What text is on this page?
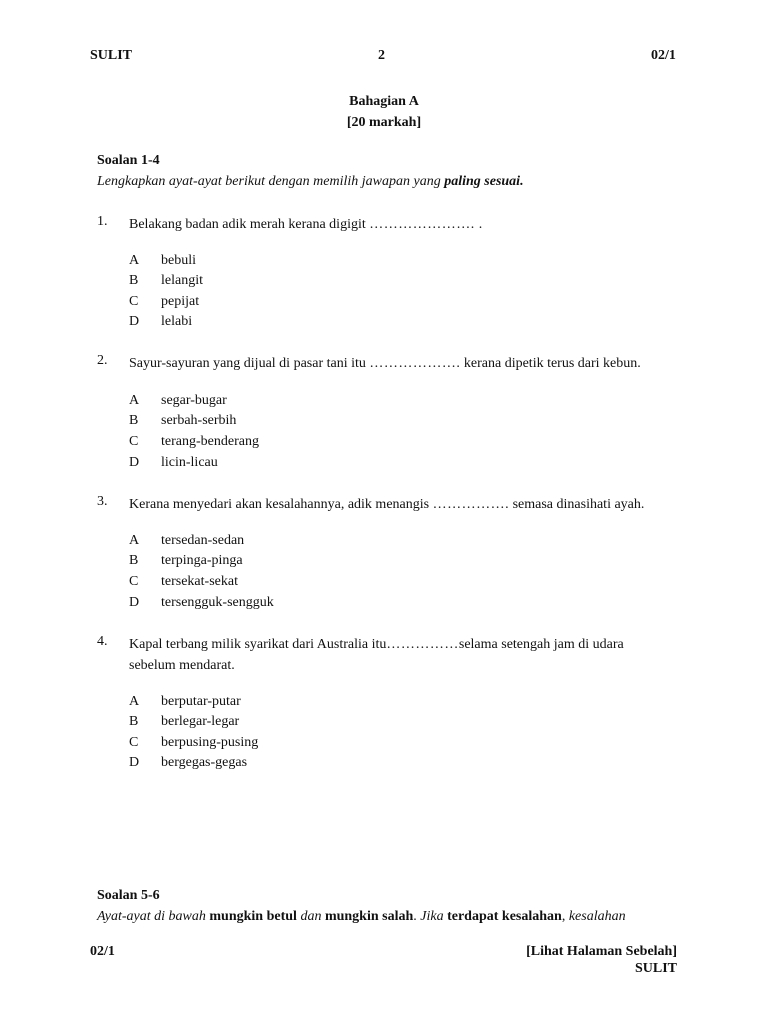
SULIT	2	02/1
Bahagian A
[20 markah]
Soalan 1-4
Lengkapkan ayat-ayat berikut dengan memilih jawapan yang paling sesuai.
1. Belakang badan adik merah kerana digigit …………………. .
A	bebuli
B	lelangit
C	pepijat
D	lelabi
2. Sayur-sayuran yang dijual di pasar tani itu ………………. kerana dipetik terus dari kebun.
A	segar-bugar
B	serbah-serbih
C	terang-benderang
D	licin-licau
3. Kerana menyedari akan kesalahannya, adik menangis ……………. semasa dinasihati ayah.
A	tersedan-sedan
B	terpinga-pinga
C	tersekat-sekat
D	tersengguk-sengguk
4. Kapal terbang milik syarikat dari Australia itu……………selama setengah jam di udara sebelum mendarat.
A	berputar-putar
B	berlegar-legar
C	berpusing-pusing
D	bergegas-gegas
Soalan 5-6
Ayat-ayat di bawah mungkin betul dan mungkin salah. Jika terdapat kesalahan, kesalahan
02/1	[Lihat Halaman Sebelah]
SULIT
